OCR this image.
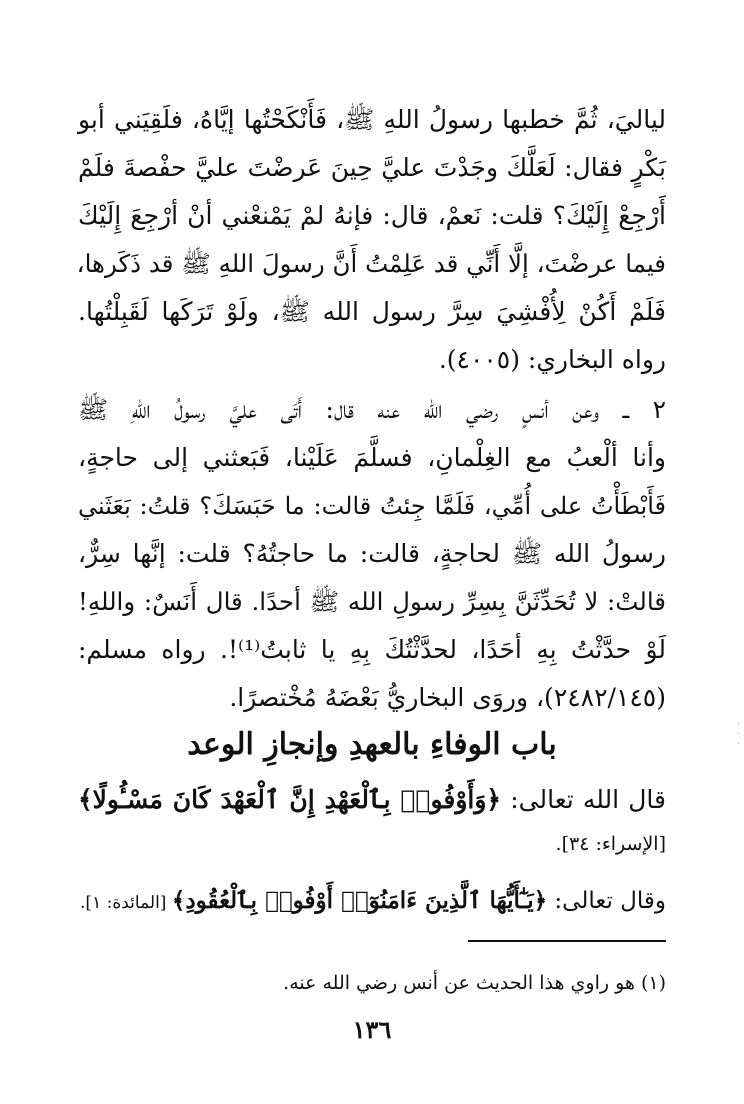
لياليَ، ثُمَّ خطبها رسولُ اللهِ ﷺ، فَأَنْكَحْتُها إيَّاهُ، فلَقِيَني أبو
بَكْرٍ فقال: لَعَلَّكَ وجَدْتَ عليَّ حِينَ عَرضْتَ عليَّ حفْصةَ فلَمْ
أَرْجِعْ إِلَيْكَ؟ قلت: نَعمْ، قال: فإنهُ لمْ يَمْنعْني أنْ أرْجِعَ إِلَيْكَ
فيما عرضْتَ، إلَّا أَنِّي قد عَلِمْتُ أَنَّ رسولَ اللهِ ﷺ قد ذَكَرها،
فَلَمْ أَكُنْ لِأُفْشِيَ سِرَّ رسول الله ﷺ، ولَوْ تَرَكَها لَقَبِلْتُها.
رواه البخاري: (٤٠٠٥).
٢ ــ وعن أنسٍ رضي الله عنه قال: أَتَى عليَّ رسولُ اللهِ ﷺ
وأنا ألْعبُ مع الغِلْمانِ، فسلَّمَ عَلَيْنا، فَبَعثني إلى حاجةٍ،
فَأَبْطَأْتُ على أُمِّي، فَلَمَّا جِئتُ قالت: ما حَبَسَكَ؟ قلتُ: بَعَثَني
رسولُ الله ﷺ لحاجةٍ، قالت: ما حاجتُهُ؟ قلت: إنَّها سِرٌّ،
قالتْ: لا تُحَدِّثَنَّ بِسِرِّ رسولِ الله ﷺ أحدًا. قال أَنَسٌ: واللهِ!
لَوْ حدَّثْتُ بِهِ أحَدًا، لحدَّثْتُكَ بِهِ يا ثابتُ⁽¹⁾!. رواه مسلم:
(٢٤٨٢/١٤٥)، وروَى البخاريُّ بَعْضَهُ مُخْتصرًا.
باب الوفاءِ بالعهدِ وإنجازِ الوعد
قال الله تعالى: ﴿وَأَوْفُوا۟ بِٱلْعَهْدِ إِنَّ ٱلْعَهْدَ كَانَ مَسْـُٔولًا﴾
[الإسراء: ٣٤].
وقال تعالى: ﴿يَـٰٓأَيُّهَا ٱلَّذِينَ ءَامَنُوٓا۟ أَوْفُوا۟ بِٱلْعُقُودِ﴾ [المائدة: ١].
(١) هو راوي هذا الحديث عن أنس رضي الله عنه.
١٣٦
·
·
·
